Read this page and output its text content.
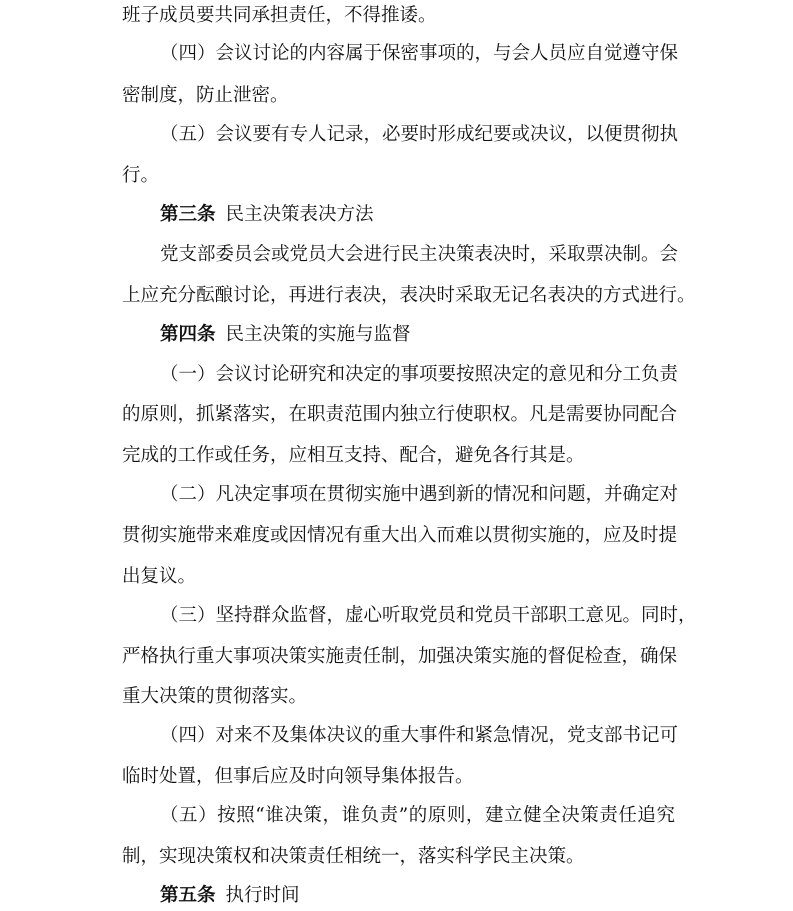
班子成员要共同承担责任，不得推诿。
（四）会议讨论的内容属于保密事项的，与会人员应自觉遵守保
密制度，防止泄密。
（五）会议要有专人记录，必要时形成纪要或决议，以便贯彻执
行。
第三条 民主决策表决方法
党支部委员会或党员大会进行民主决策表决时，采取票决制。会
上应充分酝酿讨论，再进行表决，表决时采取无记名表决的方式进行。
第四条 民主决策的实施与监督
（一）会议讨论研究和决定的事项要按照决定的意见和分工负责
的原则，抓紧落实，在职责范围内独立行使职权。凡是需要协同配合
完成的工作或任务，应相互支持、配合，避免各行其是。
（二）凡决定事项在贯彻实施中遇到新的情况和问题，并确定对
贯彻实施带来难度或因情况有重大出入而难以贯彻实施的，应及时提
出复议。
（三）坚持群众监督，虚心听取党员和党员干部职工意见。同时，
严格执行重大事项决策实施责任制，加强决策实施的督促检查，确保
重大决策的贯彻落实。
（四）对来不及集体决议的重大事件和紧急情况，党支部书记可
临时处置，但事后应及时向领导集体报告。
（五）按照“谁决策，谁负责”的原则，建立健全决策责任追究
制，实现决策权和决策责任相统一，落实科学民主决策。
第五条 执行时间
